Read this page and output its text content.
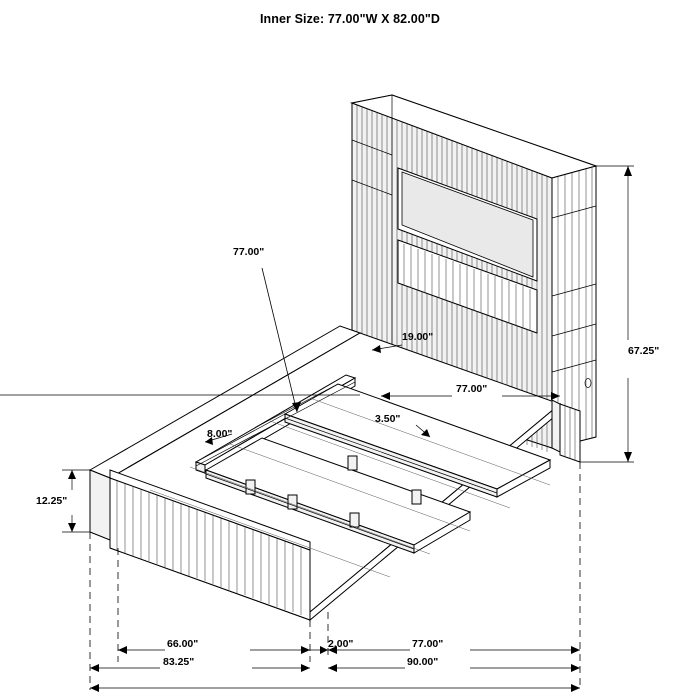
Inner Size: 77.00"W X 82.00"D
77.00"
67.25"
12.25"
8.00"
19.00"
77.00"
3.50"
66.00"	2.00"	77.00"
83.25"	90.00"
